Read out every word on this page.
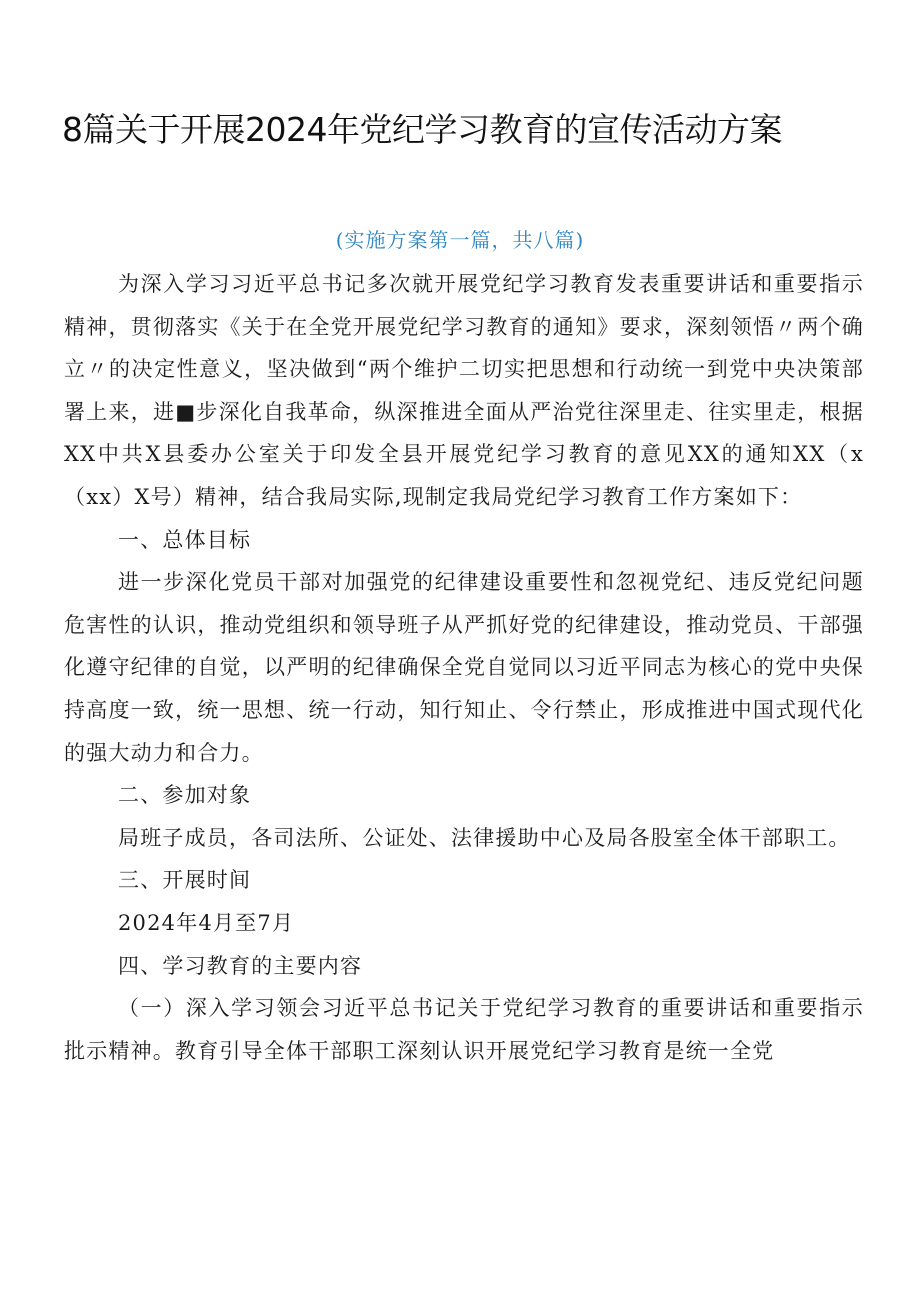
8篇关于开展2024年党纪学习教育的宣传活动方案
(实施方案第一篇，共八篇)

为深入学习习近平总书记多次就开展党纪学习教育发表重要讲话和重要指示精神，贯彻落实《关于在全党开展党纪学习教育的通知》要求，深刻领悟〃两个确立〃的决定性意义，坚决做到“两个维护二切实把思想和行动统一到党中央决策部署上来，进■步深化自我革命，纵深推进全面从严治党往深里走、往实里走，根据XX中共X县委办公室关于印发全县开展党纪学习教育的意见XX的通知XX（x（xx）X号）精神，结合我局实际,现制定我局党纪学习教育工作方案如下：

一、总体目标

进一步深化党员干部对加强党的纪律建设重要性和忽视党纪、违反党纪问题危害性的认识，推动党组织和领导班子从严抓好党的纪律建设，推动党员、干部强化遵守纪律的自觉，以严明的纪律确保全党自觉同以习近平同志为核心的党中央保持高度一致，统一思想、统一行动，知行知止、令行禁止，形成推进中国式现代化的强大动力和合力。

二、参加对象

局班子成员，各司法所、公证处、法律援助中心及局各股室全体干部职工。

三、开展时间

2024年4月至7月

四、学习教育的主要内容

（一）深入学习领会习近平总书记关于党纪学习教育的重要讲话和重要指示批示精神。教育引导全体干部职工深刻认识开展党纪学习教育是统一全党
